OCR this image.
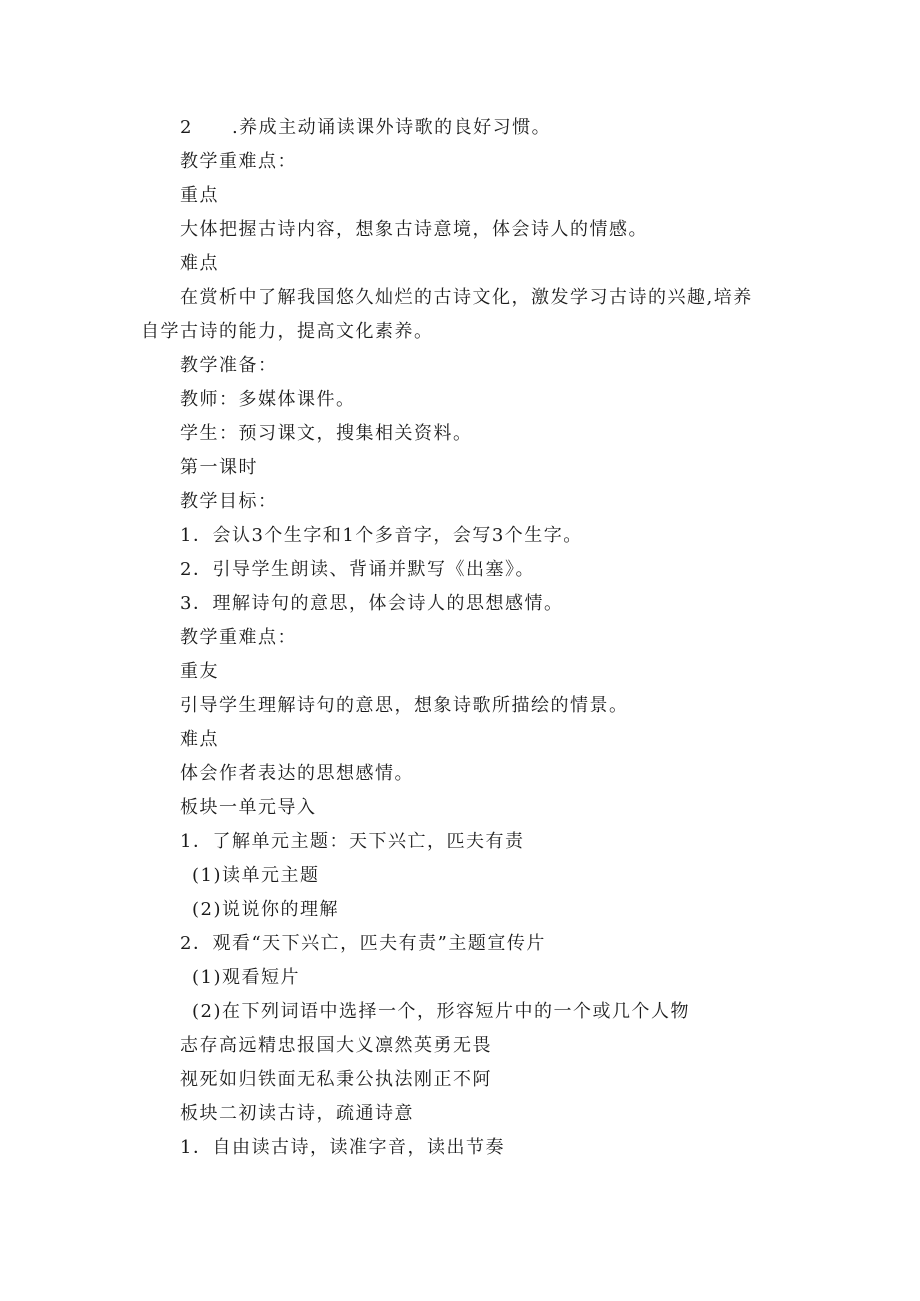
2　　.养成主动诵读课外诗歌的良好习惯。
教学重难点：
重点
大体把握古诗内容，想象古诗意境，体会诗人的情感。
难点
在赏析中了解我国悠久灿烂的古诗文化，激发学习古诗的兴趣,培养
自学古诗的能力，提高文化素养。
教学准备：
教师：多媒体课件。
学生：预习课文，搜集相关资料。
第一课时
教学目标：
1．会认3个生字和1个多音字，会写3个生字。
2．引导学生朗读、背诵并默写《出塞》。
3．理解诗句的意思，体会诗人的思想感情。
教学重难点：
重友
引导学生理解诗句的意思，想象诗歌所描绘的情景。
难点
体会作者表达的思想感情。
板块一单元导入
1．了解单元主题：天下兴亡，匹夫有责
(1)读单元主题
(2)说说你的理解
2．观看“天下兴亡，匹夫有责”主题宣传片
(1)观看短片
(2)在下列词语中选择一个，形容短片中的一个或几个人物
志存高远精忠报国大义凛然英勇无畏
视死如归铁面无私秉公执法刚正不阿
板块二初读古诗，疏通诗意
1．自由读古诗，读准字音，读出节奏
